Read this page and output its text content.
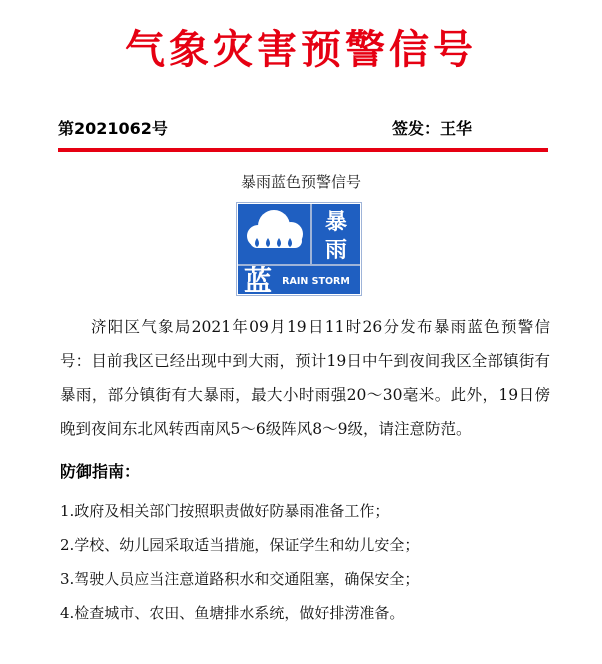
气象灾害预警信号
第2021062号	签发：王华
暴雨蓝色预警信号
暴
雨
蓝 RAIN STORM

济阳区气象局2021年09月19日11时26分发布暴雨蓝色预警信号：目前我区已经出现中到大雨，预计19日中午到夜间我区全部镇街有暴雨，部分镇街有大暴雨，最大小时雨强20～30毫米。此外，19日傍晚到夜间东北风转西南风5～6级阵风8～9级，请注意防范。

防御指南：
1.政府及相关部门按照职责做好防暴雨准备工作；
2.学校、幼儿园采取适当措施，保证学生和幼儿安全；
3.驾驶人员应当注意道路积水和交通阻塞，确保安全；
4.检查城市、农田、鱼塘排水系统，做好排涝准备。
